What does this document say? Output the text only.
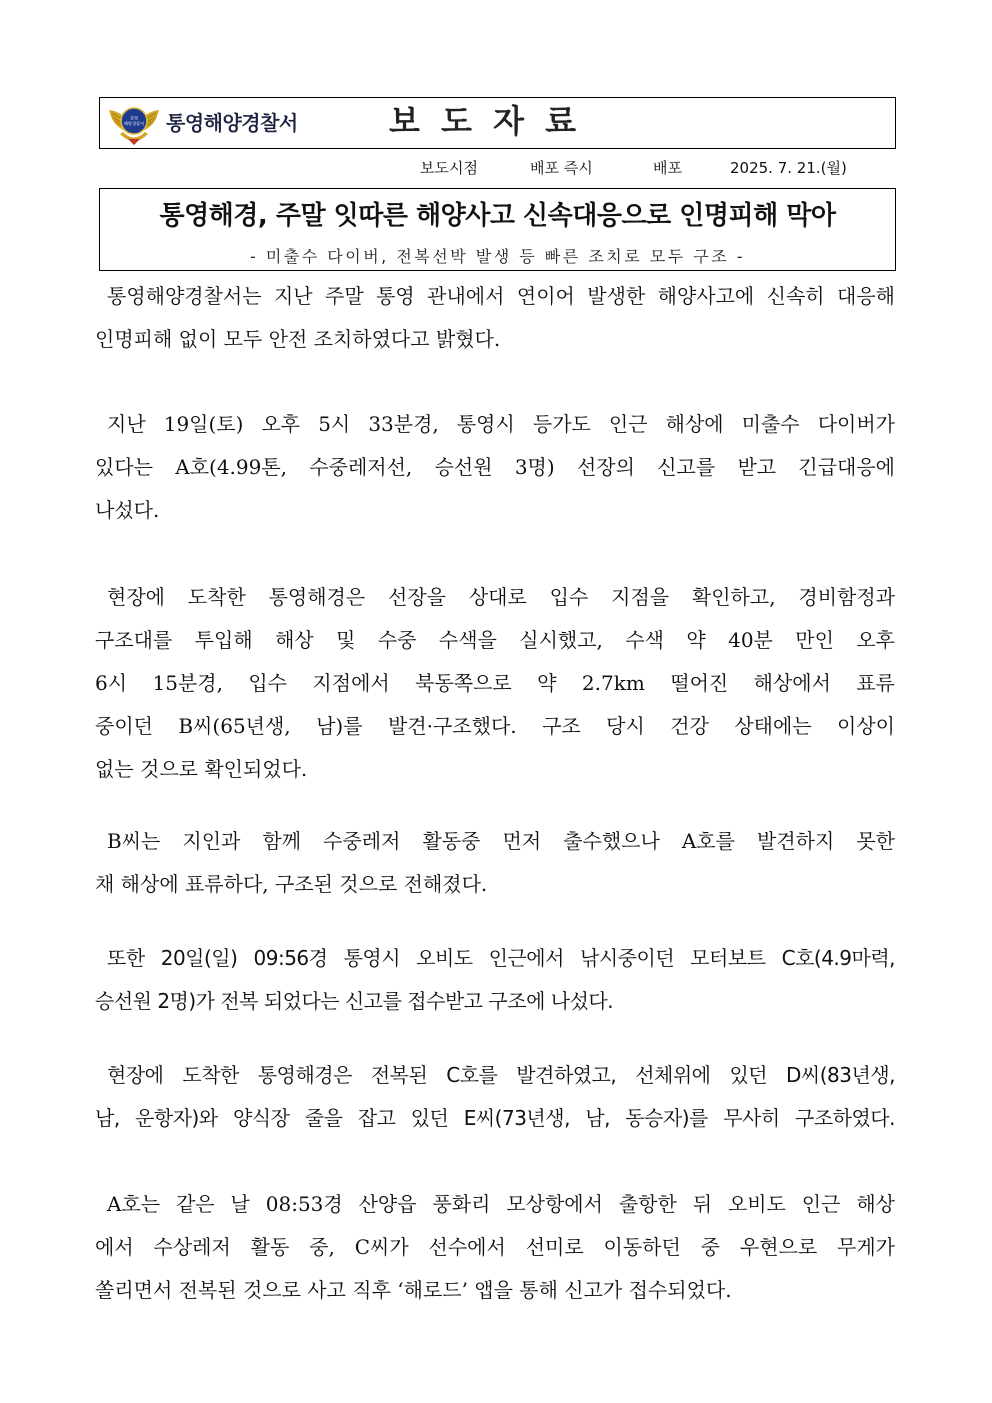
통영
해양경찰서 통영해양경찰서	보 도 자 료
보도시점	배포 즉시	배포	2025. 7. 21.(월)
통영해경, 주말 잇따른 해양사고 신속대응으로 인명피해 막아
- 미출수 다이버, 전복선박 발생 등 빠른 조치로 모두 구조 -
통영해양경찰서는 지난 주말 통영 관내에서 연이어 발생한 해양사고에 신속히 대응해
인명피해 없이 모두 안전 조치하였다고 밝혔다.
지난 19일(토) 오후 5시 33분경, 통영시 등가도 인근 해상에 미출수 다이버가
있다는 A호(4.99톤, 수중레저선, 승선원 3명) 선장의 신고를 받고 긴급대응에
나섰다.
현장에 도착한 통영해경은 선장을 상대로 입수 지점을 확인하고, 경비함정과
구조대를 투입해 해상 및 수중 수색을 실시했고, 수색 약 40분 만인 오후
6시 15분경, 입수 지점에서 북동쪽으로 약 2.7km 떨어진 해상에서 표류
중이던 B씨(65년생, 남)를 발견·구조했다. 구조 당시 건강 상태에는 이상이
없는 것으로 확인되었다.
B씨는 지인과 함께 수중레저 활동중 먼저 출수했으나 A호를 발견하지 못한
채 해상에 표류하다, 구조된 것으로 전해졌다.
또한 20일(일) 09:56경 통영시 오비도 인근에서 낚시중이던 모터보트 C호(4.9마력,
승선원 2명)가 전복 되었다는 신고를 접수받고 구조에 나섰다.
현장에 도착한 통영해경은 전복된 C호를 발견하였고, 선체위에 있던 D씨(83년생,
남, 운항자)와 양식장 줄을 잡고 있던 E씨(73년생, 남, 동승자)를 무사히 구조하였다.
A호는 같은 날 08:53경 산양읍 풍화리 모상항에서 출항한 뒤 오비도 인근 해상
에서 수상레저 활동 중, C씨가 선수에서 선미로 이동하던 중 우현으로 무게가
쏠리면서 전복된 것으로 사고 직후 ‘해로드’ 앱을 통해 신고가 접수되었다.
